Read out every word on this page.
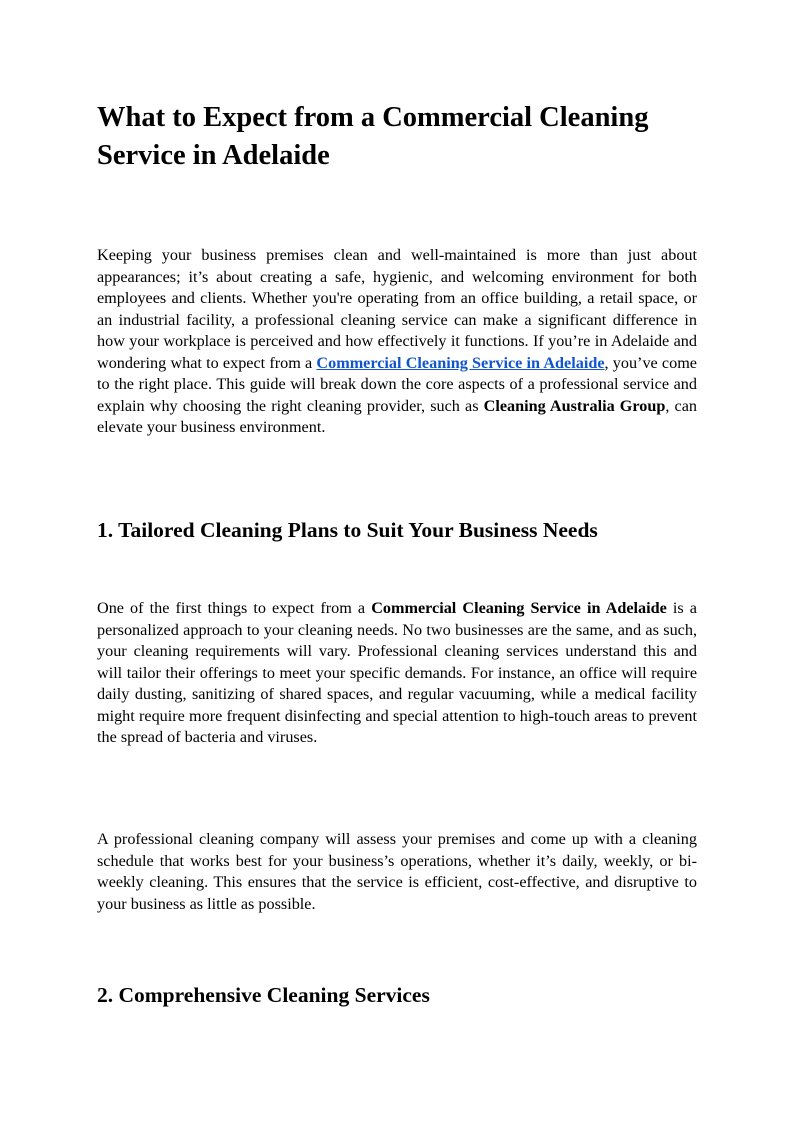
What to Expect from a Commercial Cleaning Service in Adelaide

Keeping your business premises clean and well-maintained is more than just about appearances; it’s about creating a safe, hygienic, and welcoming environment for both employees and clients. Whether you're operating from an office building, a retail space, or an industrial facility, a professional cleaning service can make a significant difference in how your workplace is perceived and how effectively it functions. If you’re in Adelaide and wondering what to expect from a Commercial Cleaning Service in Adelaide, you’ve come to the right place. This guide will break down the core aspects of a professional service and explain why choosing the right cleaning provider, such as Cleaning Australia Group, can elevate your business environment.

1. Tailored Cleaning Plans to Suit Your Business Needs

One of the first things to expect from a Commercial Cleaning Service in Adelaide is a personalized approach to your cleaning needs. No two businesses are the same, and as such, your cleaning requirements will vary. Professional cleaning services understand this and will tailor their offerings to meet your specific demands. For instance, an office will require daily dusting, sanitizing of shared spaces, and regular vacuuming, while a medical facility might require more frequent disinfecting and special attention to high-touch areas to prevent the spread of bacteria and viruses.

A professional cleaning company will assess your premises and come up with a cleaning schedule that works best for your business’s operations, whether it’s daily, weekly, or bi-weekly cleaning. This ensures that the service is efficient, cost-effective, and disruptive to your business as little as possible.

2. Comprehensive Cleaning Services
